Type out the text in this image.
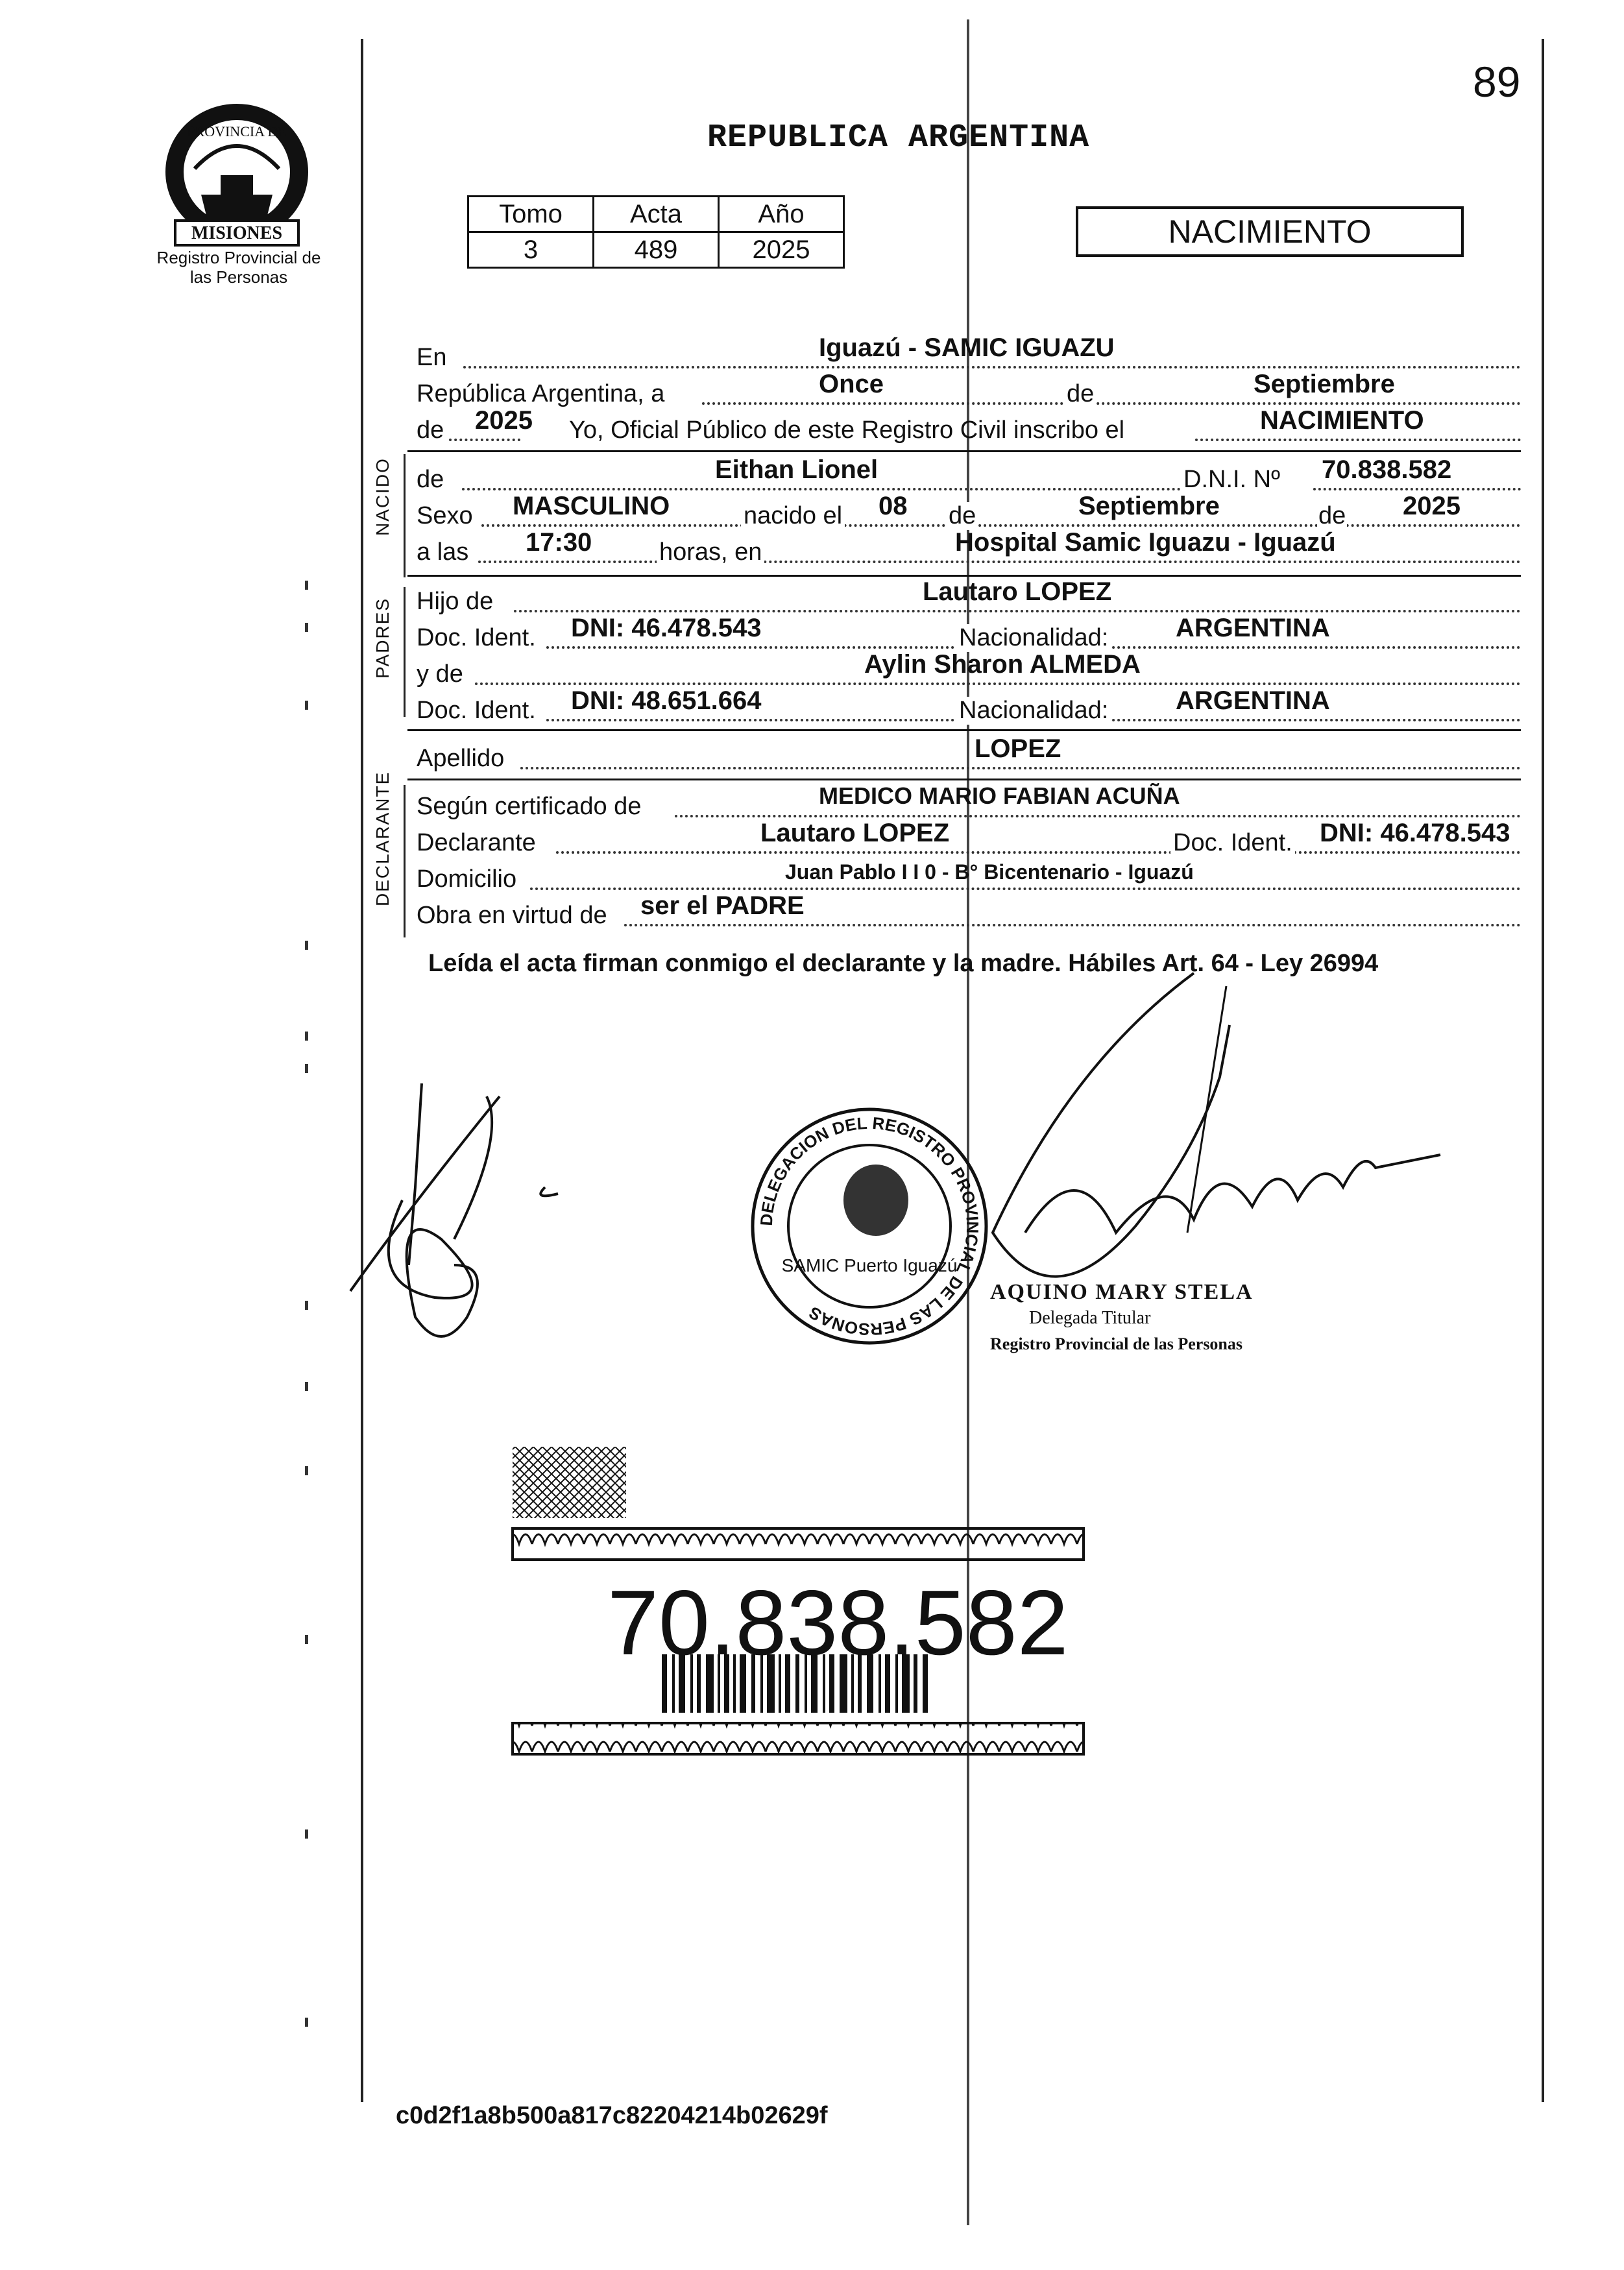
89
PROVINCIA DE
MISIONES
Registro Provincial de las Personas
REPUBLICA ARGENTINA
Tomo	Acta	Año
3	489	2025	NACIMIENTO
NACIDO
PADRES
DECLARANTE
En	Iguazú - SAMIC IGUAZU
República Argentina, a	Once	de	Septiembre
de 2025 Yo, Oficial Público de este Registro Civil inscribo el	NACIMIENTO
de	Eithan Lionel	D.N.I. Nº 70.838.582
Sexo MASCULINO	nacido el 08 de	Septiembre	de 2025
a las 17:30	horas, en	Hospital Samic Iguazu - Iguazú
Hijo de	Lautaro LOPEZ
Doc. Ident. DNI: 46.478.543	Nacionalidad:	ARGENTINA
y de	Aylin Sharon ALMEDA
Doc. Ident. DNI: 48.651.664	Nacionalidad:	ARGENTINA
Apellido	LOPEZ
Según certificado de	MEDICO MARIO FABIAN ACUÑA
Declarante	Lautaro LOPEZ	Doc. Ident. DNI: 46.478.543
Domicilio	Juan Pablo I I 0 - B° Bicentenario - Iguazú
Obra en virtud de ser el PADRE
Leída el acta firman conmigo el declarante y la madre. Hábiles Art. 64 - Ley 26994
DELEGACION DEL REGISTRO PROVINCIAL DE LAS PERSONAS
SAMIC Puerto Iguazú
AQUINO MARY STELA
Delegada Titular
Registro Provincial de las Personas
70.838.582
c0d2f1a8b500a817c82204214b02629f
